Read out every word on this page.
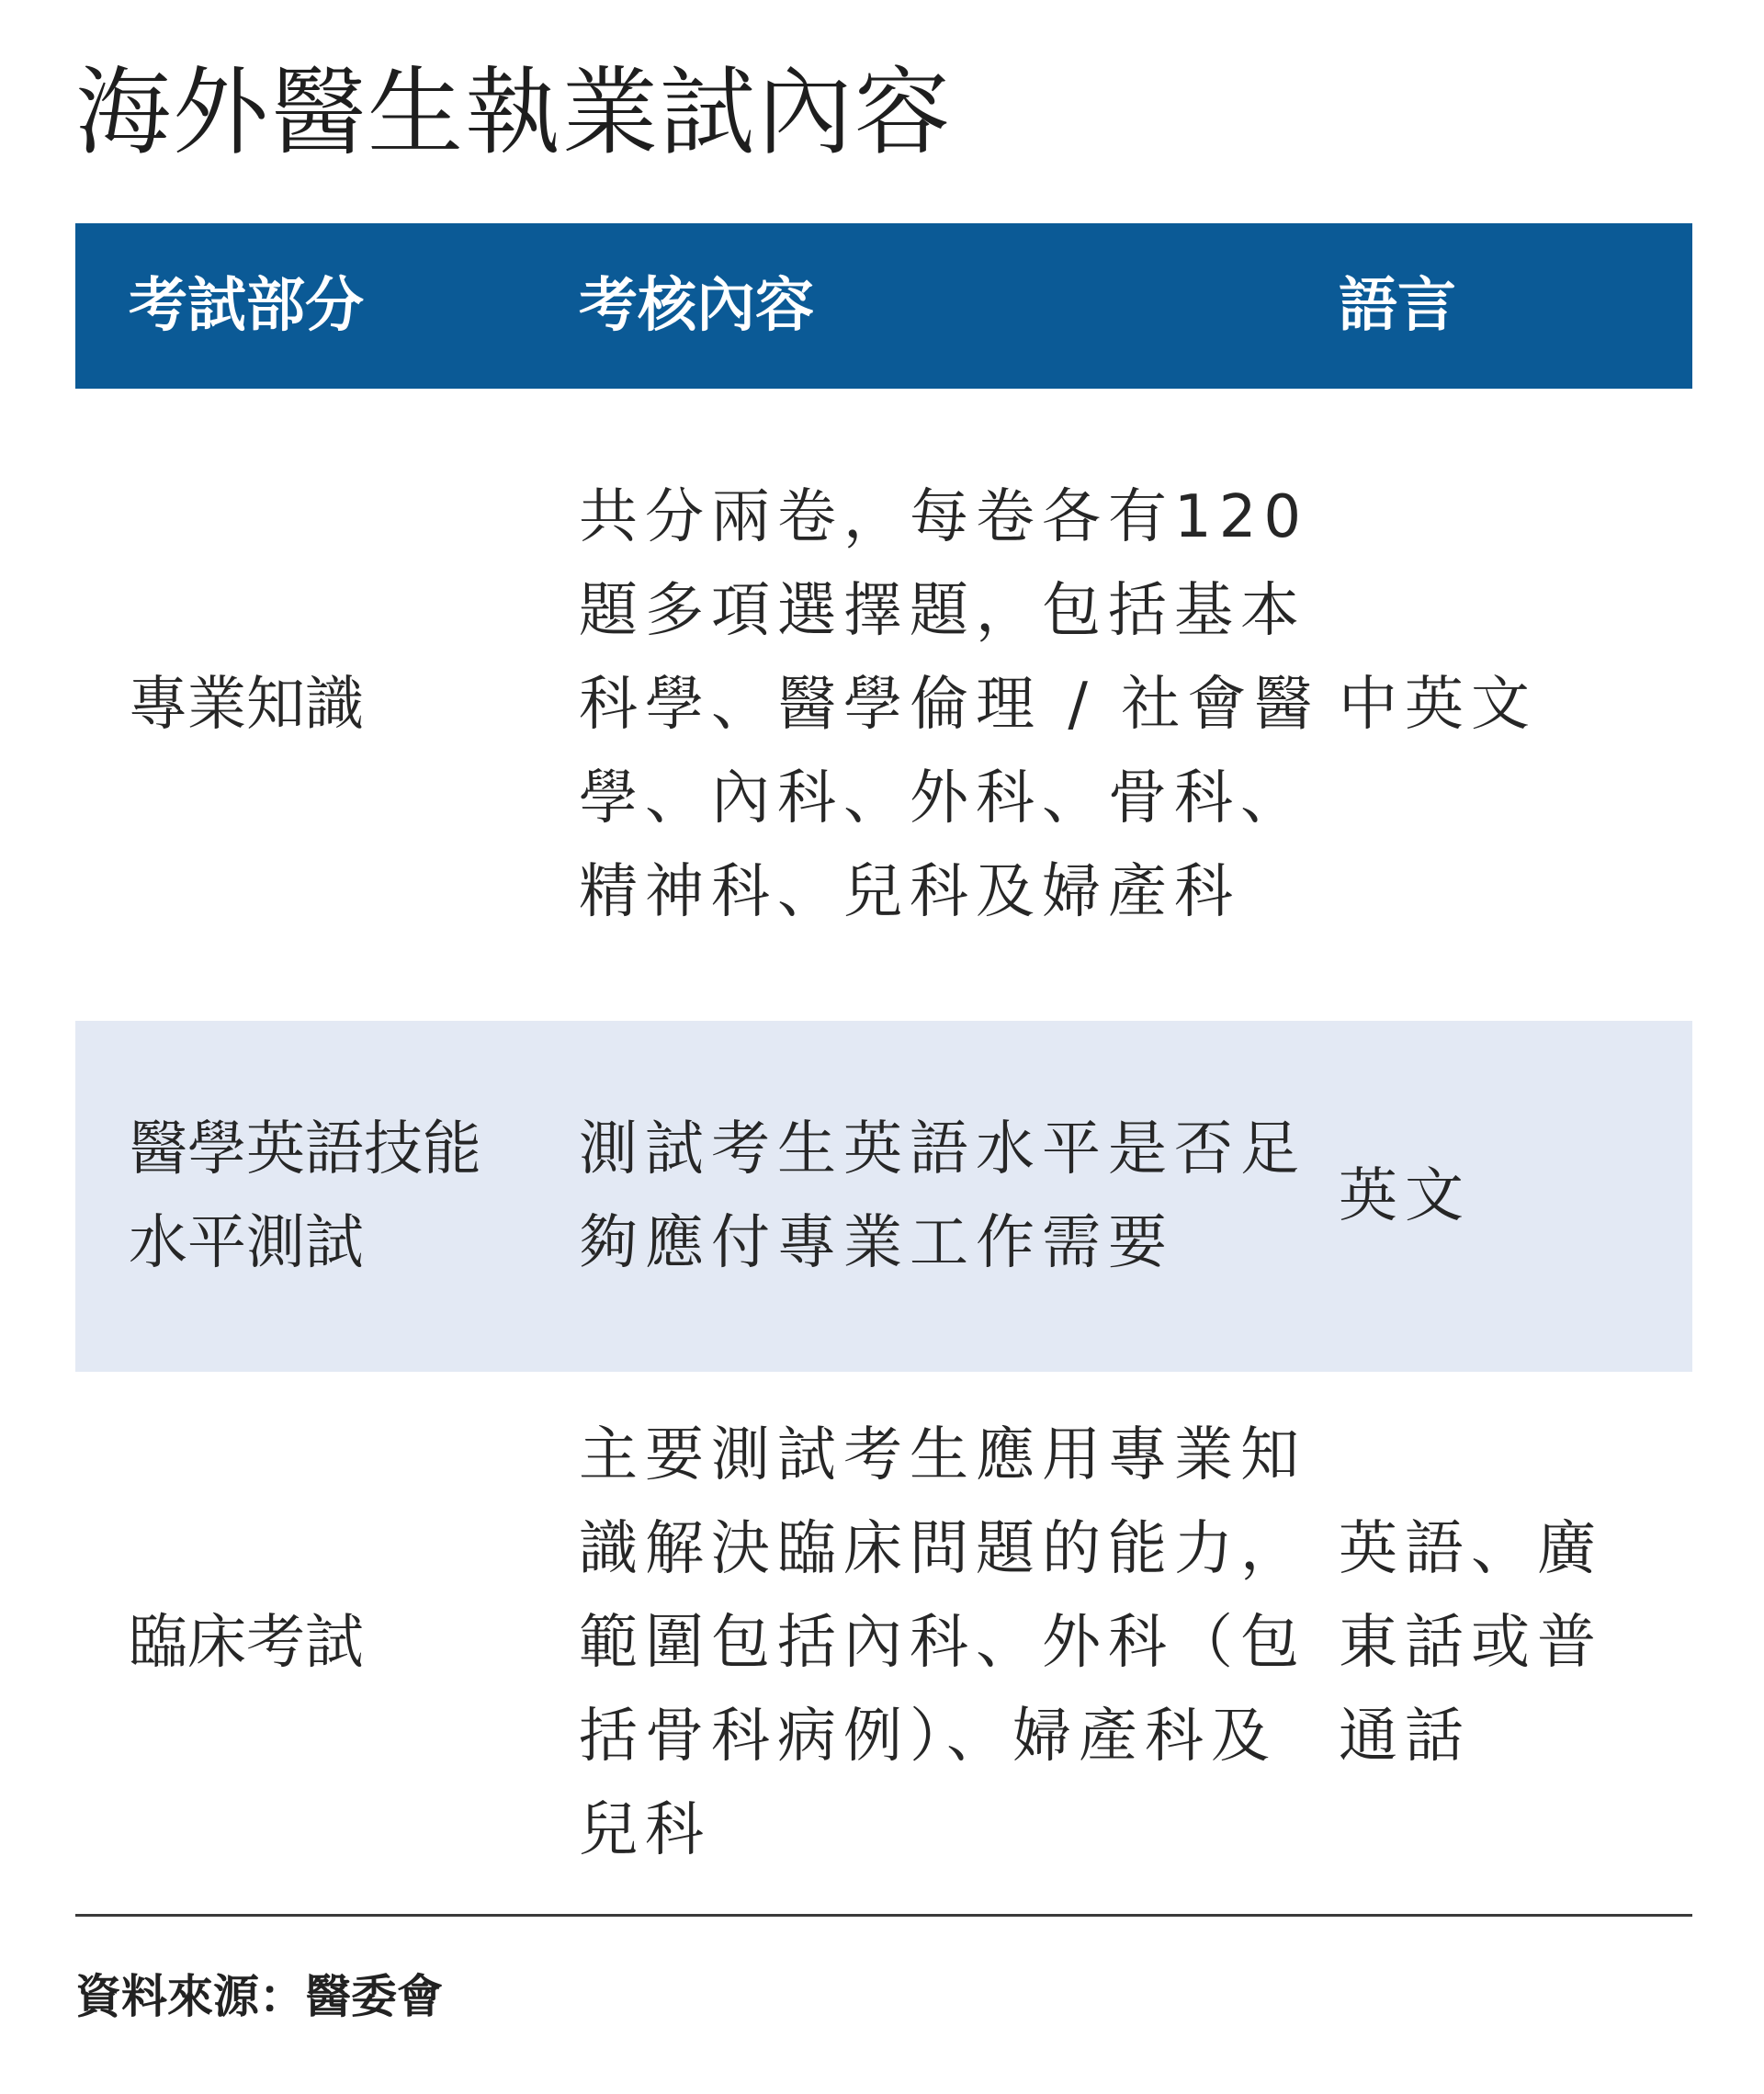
海外醫生執業試內容
考試部分	考核內容	語言
專業知識
共分兩卷，每卷各有120題多項選擇題，包括基本科學、醫學倫理 / 社會醫學、內科、外科、骨科、精神科、兒科及婦產科
中英文
醫學英語技能水平測試
測試考生英語水平是否足夠應付專業工作需要
英文
臨床考試
主要測試考生應用專業知識解決臨床問題的能力，範圍包括內科、外科（包括骨科病例）、婦產科及兒科
英語、廣東話或普通話
資料來源：醫委會
